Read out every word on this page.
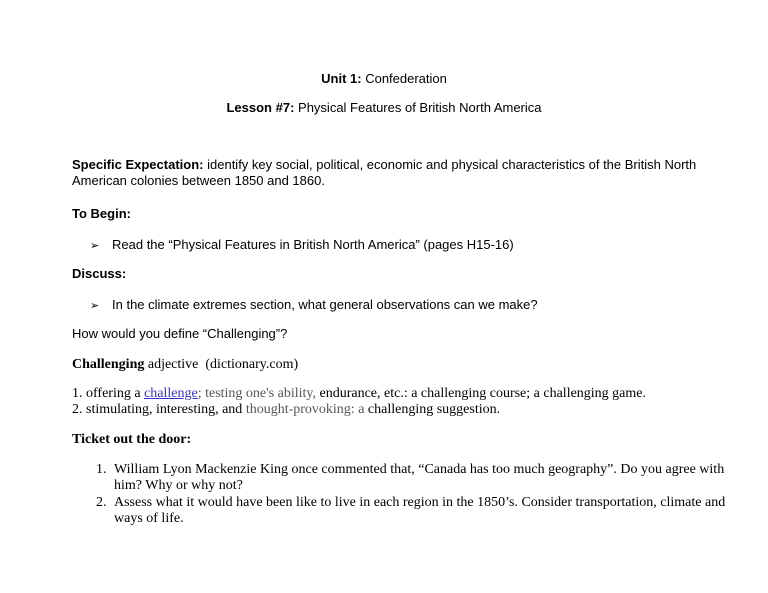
Unit 1: Confederation
Lesson #7: Physical Features of British North America
Specific Expectation: identify key social, political, economic and physical characteristics of the British North
American colonies between 1850 and 1860.
To Begin:
➢ Read the “Physical Features in British North America” (pages H15-16)
Discuss:
➢ In the climate extremes section, what general observations can we make?
How would you define “Challenging”?
Challenging adjective (dictionary.com)
1. offering a challenge; testing one's ability, endurance, etc.: a challenging course; a challenging game.
2. stimulating, interesting, and thought-provoking: a challenging suggestion.
Ticket out the door:
1. William Lyon Mackenzie King once commented that, “Canada has too much geography”. Do you agree with him? Why or why not?
2. Assess what it would have been like to live in each region in the 1850’s. Consider transportation, climate and ways of life.
